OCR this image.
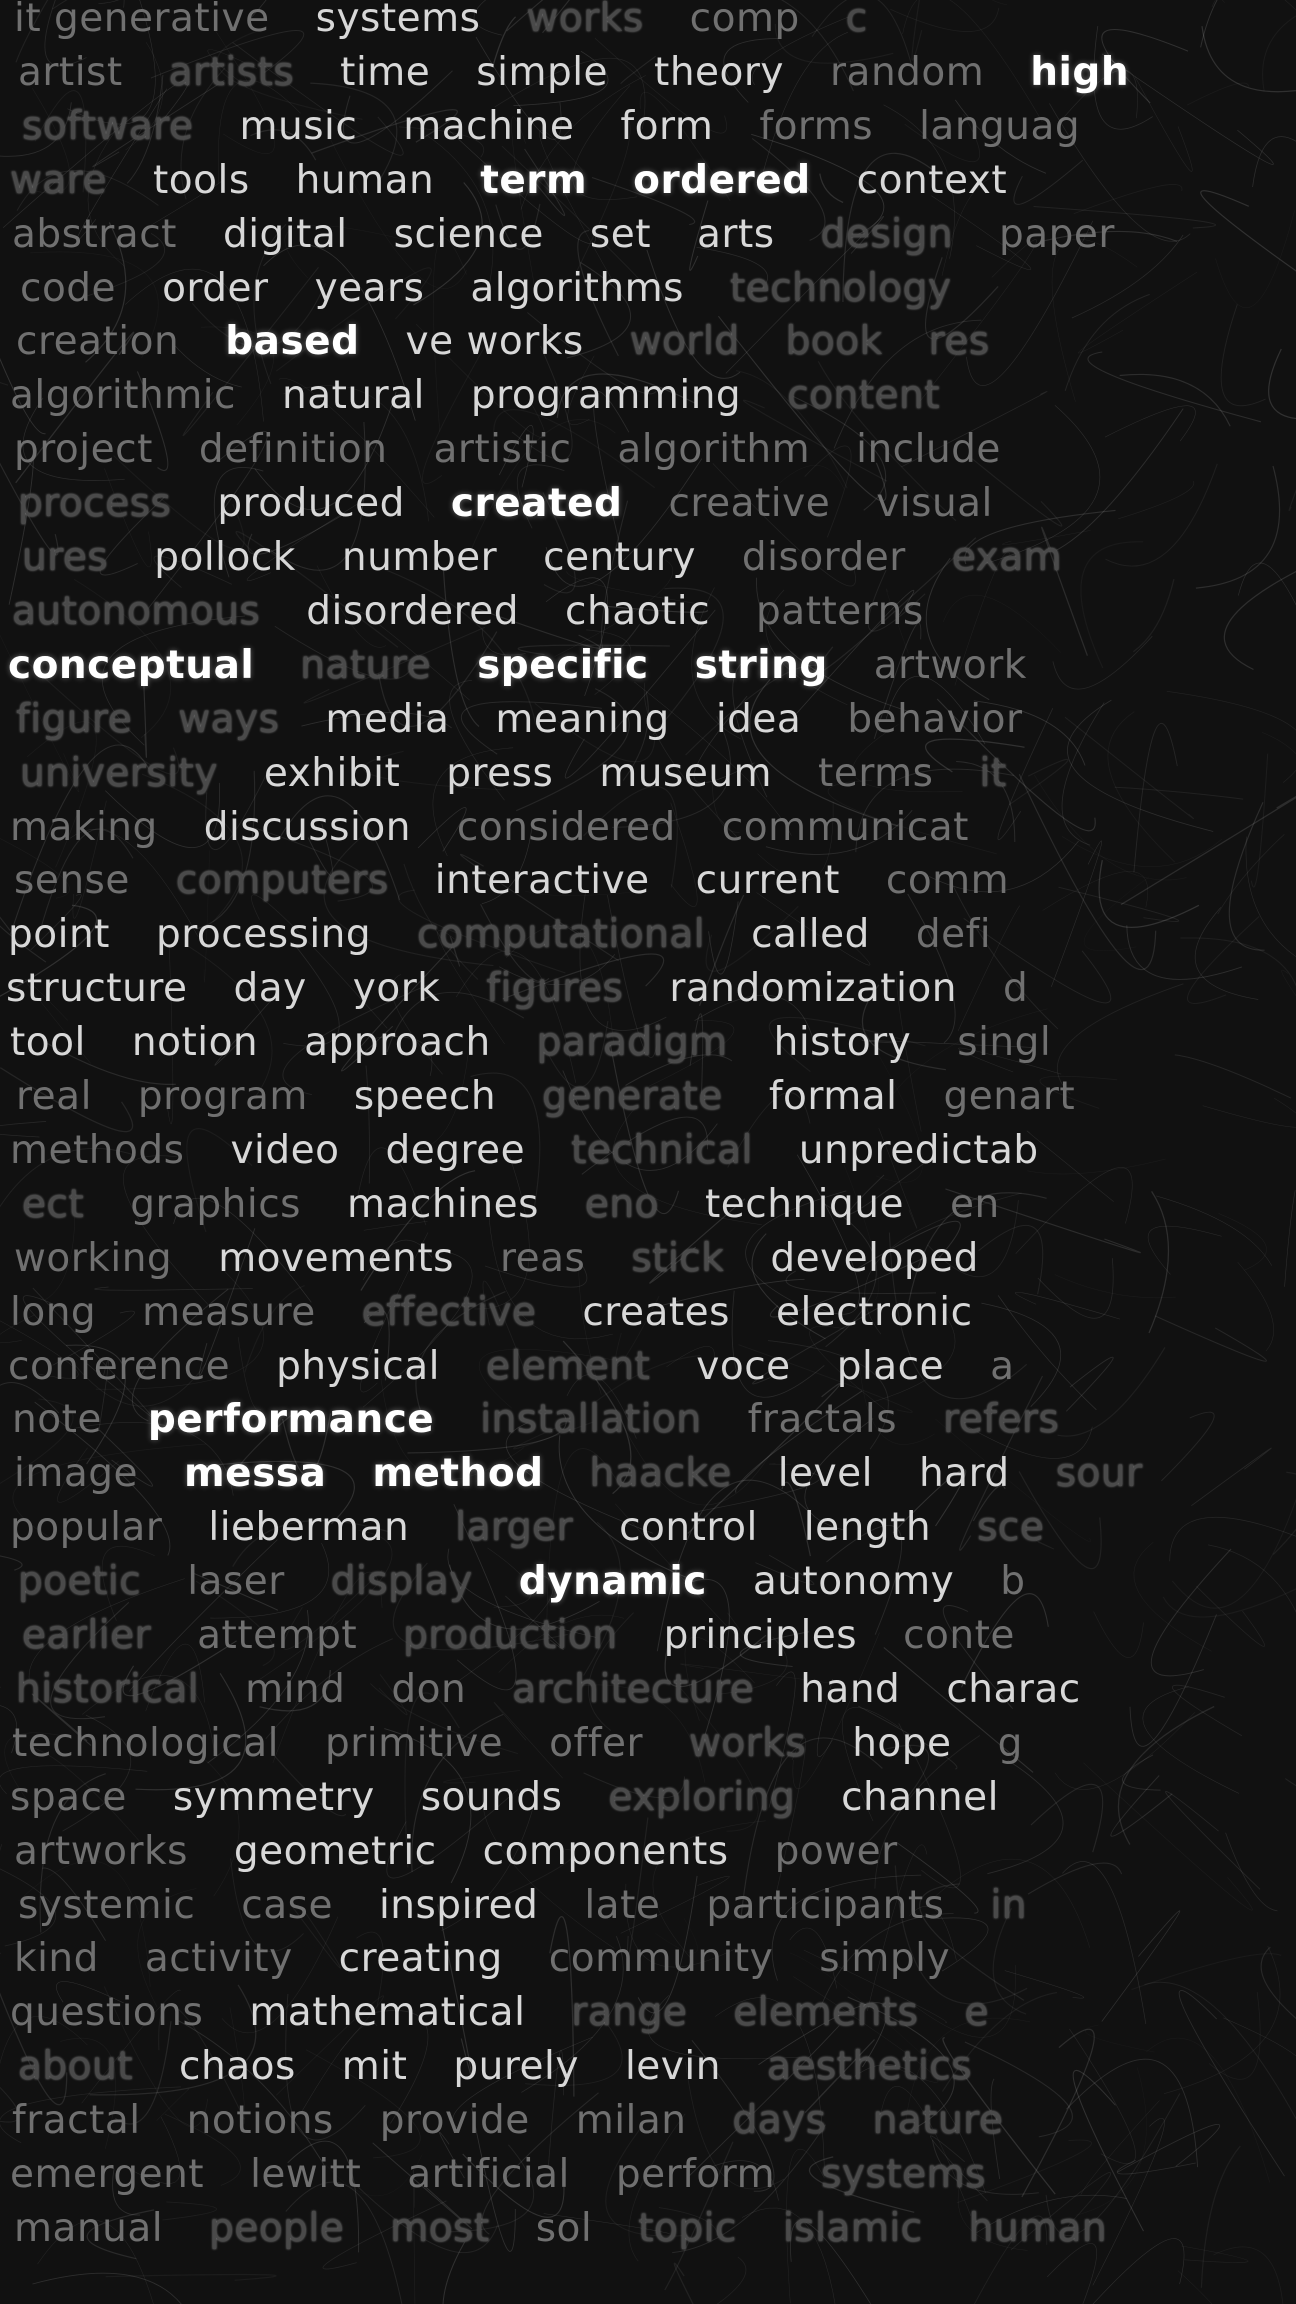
it generative systems works comp c
artist artists time simple theory random high
software music machine form forms languag
ware tools human term ordered context
abstract digital science set arts design paper
code order years algorithms technology
creation based ve works world book res
algorithmic natural programming content
project definition artistic algorithm include
process produced created creative visual
ures pollock number century disorder exam
autonomous disordered chaotic patterns
conceptual nature specific string artwork
figure ways media meaning idea behavior
university exhibit press museum terms it
making discussion considered communicat
sense computers interactive current comm
point processing computational called defi
structure day york figures randomization d
tool notion approach paradigm history singl
real program speech generate formal genart
methods video degree technical unpredictab
ect graphics machines eno technique en
working movements reas stick developed
long measure effective creates electronic
conference physical element voce place a
note performance installation fractals refers
image messa method haacke level hard sour
popular lieberman larger control length sce
poetic laser display dynamic autonomy b
earlier attempt production principles conte
historical mind don architecture hand charac
technological primitive offer works hope g
space symmetry sounds exploring channel
artworks geometric components power
systemic case inspired late participants in
kind activity creating community simply
questions mathematical range elements e
about chaos mit purely levin aesthetics
fractal notions provide milan days nature
emergent lewitt artificial perform systems
manual people most sol topic islamic human
